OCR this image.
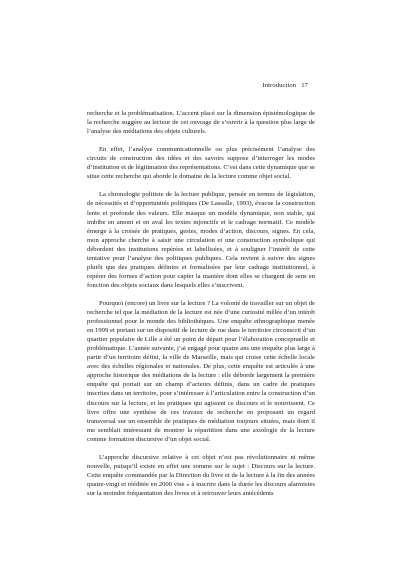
Introduction 17

recherche et la problématisation. L’accent placé sur la dimension épistémologique de la recherche suggère au lecteur de cet ouvrage de s’ouvrir à la question plus large de l’analyse des médiations des objets culturels.

En effet, l’analyse communicationnelle ou plus précisément l’analyse des circuits de construction des idées et des savoirs suppose d’interroger les modes d’institution et de légitimation des représentations. C’est dans cette dynamique que se situe cette recherche qui aborde le domaine de la lecture comme objet social.

La chronologie politiste de la lecture publique, pensée en termes de législation, de nécessités et d’opportunités politiques (De Lassalle, 1993), évacue la construction lente et profonde des valeurs. Elle masque un modèle dynamique, non stable, qui imbibe en amont et en aval les textes injonctifs et le cadrage normatif. Ce modèle émerge à la croisée de pratiques, gestes, modes d’action, discours, signes. En cela, mon approche cherche à saisir une circulation et une construction symbolique qui débordent des institutions repérées et labellisées, et à souligner l’intérêt de cette tentative pour l’analyse des politiques publiques. Cela revient à suivre des signes plutôt que des pratiques définies et formalisées par leur cadrage institutionnel, à repérer des formes d’action pour capter la manière dont elles se chargent de sens en fonction des objets sociaux dans lesquels elles s’inscrivent.

Pourquoi (encore) un livre sur la lecture ? La volonté de travailler sur un objet de recherche tel que la médiation de la lecture est née d’une curiosité mêlée d’un intérêt professionnel pour le monde des bibliothèques. Une enquête ethnographique menée en 1999 et portant sur un dispositif de lecture de rue dans le territoire circonscrit d’un quartier populaire de Lille a été un point de départ pour l’élaboration conceptuelle et problématique. L’année suivante, j’ai engagé pour quatre ans une enquête plus large à partir d’un territoire défini, la ville de Marseille, mais qui croise cette échelle locale avec des échelles régionales et nationales. De plus, cette enquête est articulée à une approche historique des médiations de la lecture : elle déborde largement la première enquête qui portait sur un champ d’acteurs définis, dans un cadre de pratiques inscrites dans un territoire, pour s’intéresser à l’articulation entre la construction d’un discours sur la lecture, et les pratiques qui agissent ce discours et le nourrissent. Ce livre offre une synthèse de ces travaux de recherche en proposant un regard transversal sur un ensemble de pratiques de médiation toujours situées, mais dont il me semblait intéressant de montrer la répartition dans une axiologie de la lecture comme formation discursive d’un objet social.

L’approche discursive relative à cet objet n’est pas révolutionnaire ni même nouvelle, puisqu’il existe en effet une somme sur le sujet : Discours sur la lecture. Cette enquête commandée par la Direction du livre et de la lecture à la fin des années quatre-vingt et rééditée en 2000 vise « à inscrire dans la durée les discours alarmistes sur la moindre fréquentation des livres et à retrouver leurs antécédents
